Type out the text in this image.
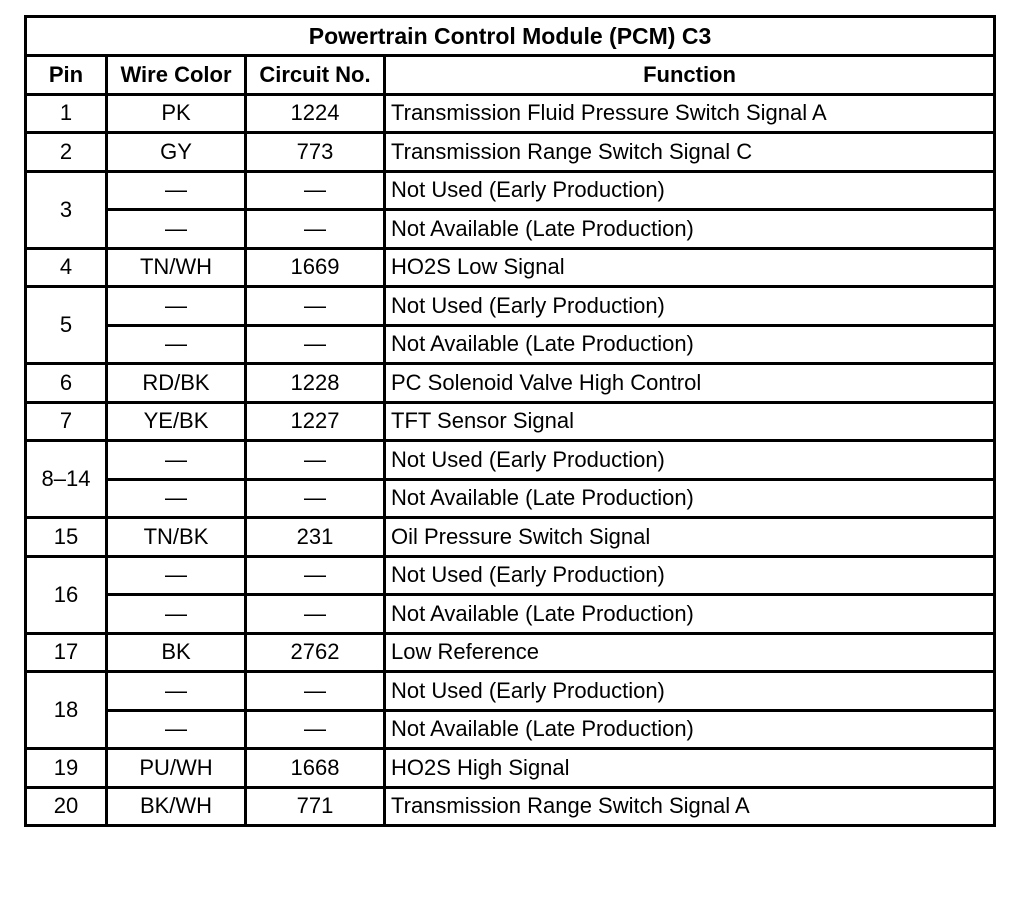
Powertrain Control Module (PCM) C3			
Pin	Wire Color	Circuit No.	Function
1	PK	1224	Transmission Fluid Pressure Switch Signal A
2	GY	773	Transmission Range Switch Signal C
3	—	—	Not Used (Early Production)
	—	—	Not Available (Late Production)
4	TN/WH	1669	HO2S Low Signal
5	—	—	Not Used (Early Production)
	—	—	Not Available (Late Production)
6	RD/BK	1228	PC Solenoid Valve High Control
7	YE/BK	1227	TFT Sensor Signal
8–14	—	—	Not Used (Early Production)
	—	—	Not Available (Late Production)
15	TN/BK	231	Oil Pressure Switch Signal
16	—	—	Not Used (Early Production)
	—	—	Not Available (Late Production)
17	BK	2762	Low Reference
18	—	—	Not Used (Early Production)
	—	—	Not Available (Late Production)
19	PU/WH	1668	HO2S High Signal
20	BK/WH	771	Transmission Range Switch Signal A
